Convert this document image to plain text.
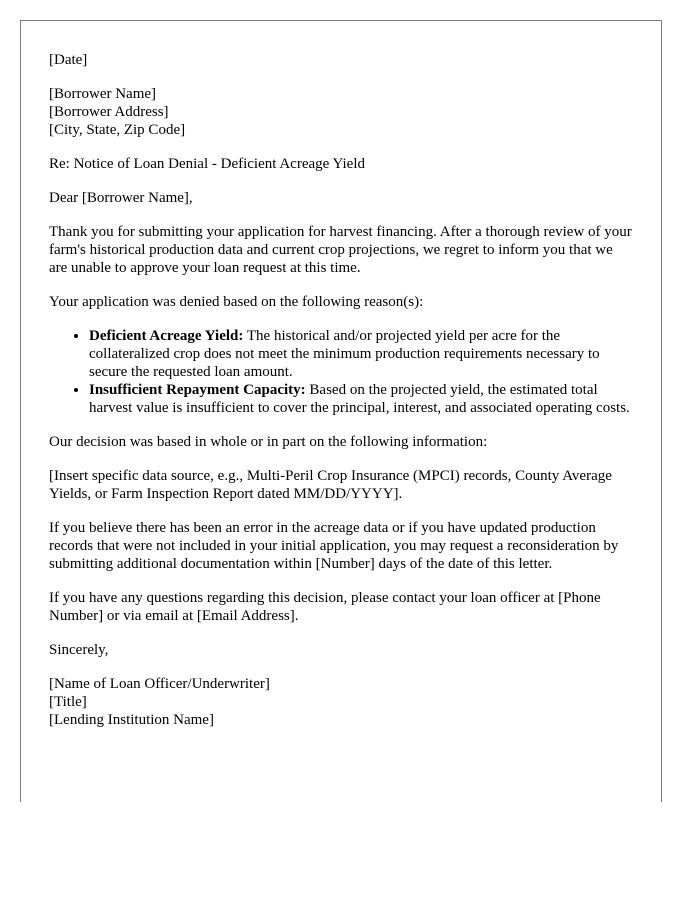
[Date]
[Borrower Name]
[Borrower Address]
[City, State, Zip Code]

Re: Notice of Loan Denial - Deficient Acreage Yield

Dear [Borrower Name],

Thank you for submitting your application for harvest financing. After a thorough review of your farm's historical production data and current crop projections, we regret to inform you that we are unable to approve your loan request at this time.

Your application was denied based on the following reason(s):

• Deficient Acreage Yield: The historical and/or projected yield per acre for the collateralized crop does not meet the minimum production requirements necessary to secure the requested loan amount.
• Insufficient Repayment Capacity: Based on the projected yield, the estimated total harvest value is insufficient to cover the principal, interest, and associated operating costs.

Our decision was based in whole or in part on the following information:

[Insert specific data source, e.g., Multi-Peril Crop Insurance (MPCI) records, County Average Yields, or Farm Inspection Report dated MM/DD/YYYY].

If you believe there has been an error in the acreage data or if you have updated production records that were not included in your initial application, you may request a reconsideration by submitting additional documentation within [Number] days of the date of this letter.

If you have any questions regarding this decision, please contact your loan officer at [Phone Number] or via email at [Email Address].

Sincerely,

[Name of Loan Officer/Underwriter]
[Title]
[Lending Institution Name]
